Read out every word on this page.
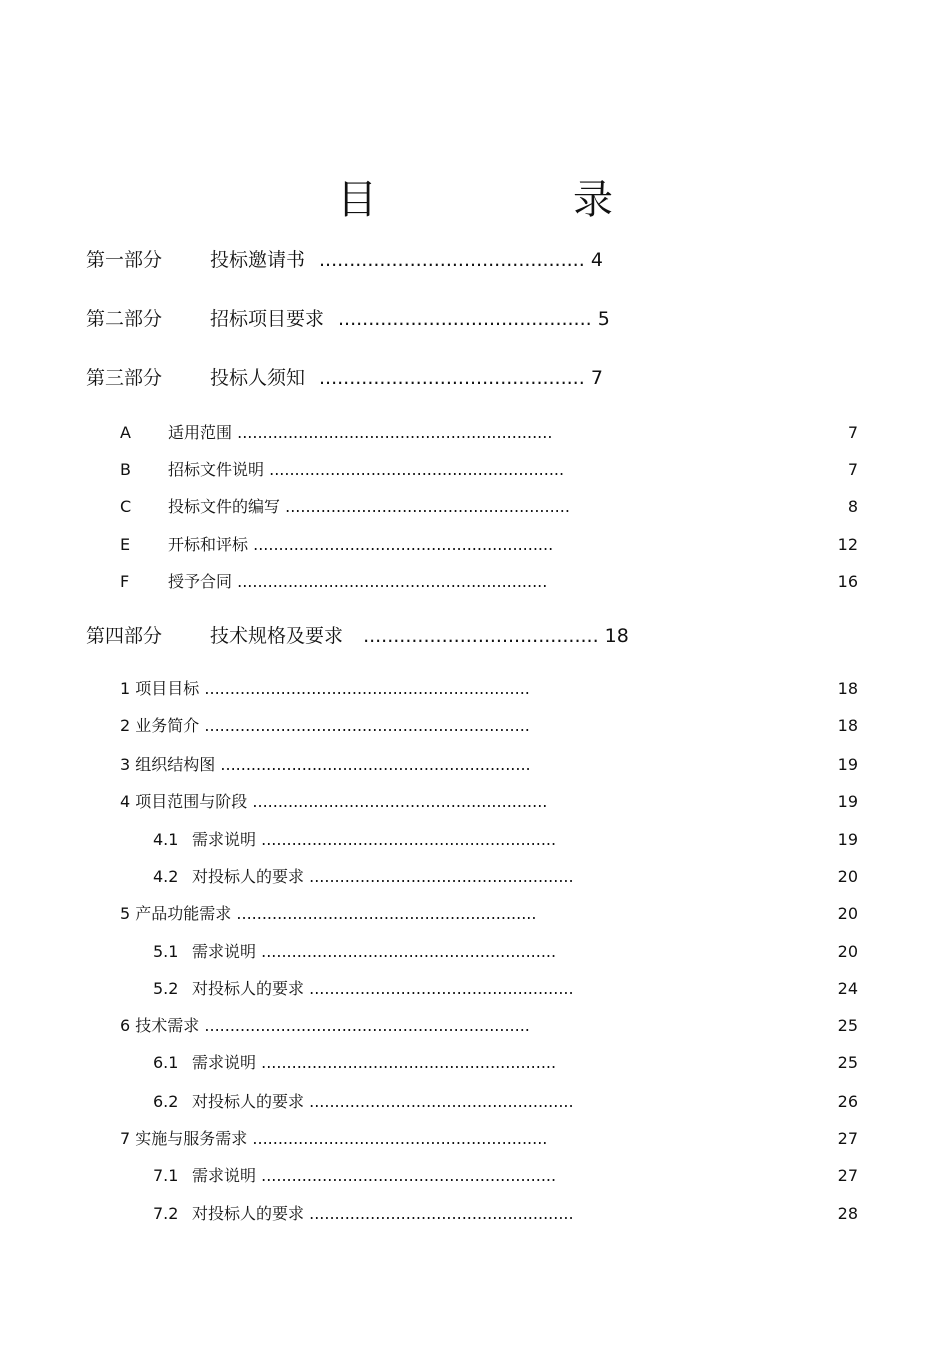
目　录
第一部分	投标邀请书 ............................................ 4
第二部分	招标项目要求 .......................................... 5
第三部分	投标人须知 ............................................ 7
A 适用范围 ..............................................................	7
B 招标文件说明 ..........................................................	7
C 投标文件的编写 ........................................................	8
E 开标和评标 ...........................................................	12
F 授予合同 .............................................................	16
第四部分	技术规格及要求 ....................................... 18
1 项目目标 ................................................................	18
2 业务简介 ................................................................	18
3 组织结构图 .............................................................	19
4 项目范围与阶段 ..........................................................	19
4.1 需求说明 ..........................................................	19
4.2 对投标人的要求 ....................................................	20
5 产品功能需求 ...........................................................	20
5.1 需求说明 ..........................................................	20
5.2 对投标人的要求 ....................................................	24
6 技术需求 ................................................................	25
6.1 需求说明 ..........................................................	25
6.2 对投标人的要求 ....................................................	26
7 实施与服务需求 ..........................................................	27
7.1 需求说明 ..........................................................	27
7.2 对投标人的要求 ....................................................	28
